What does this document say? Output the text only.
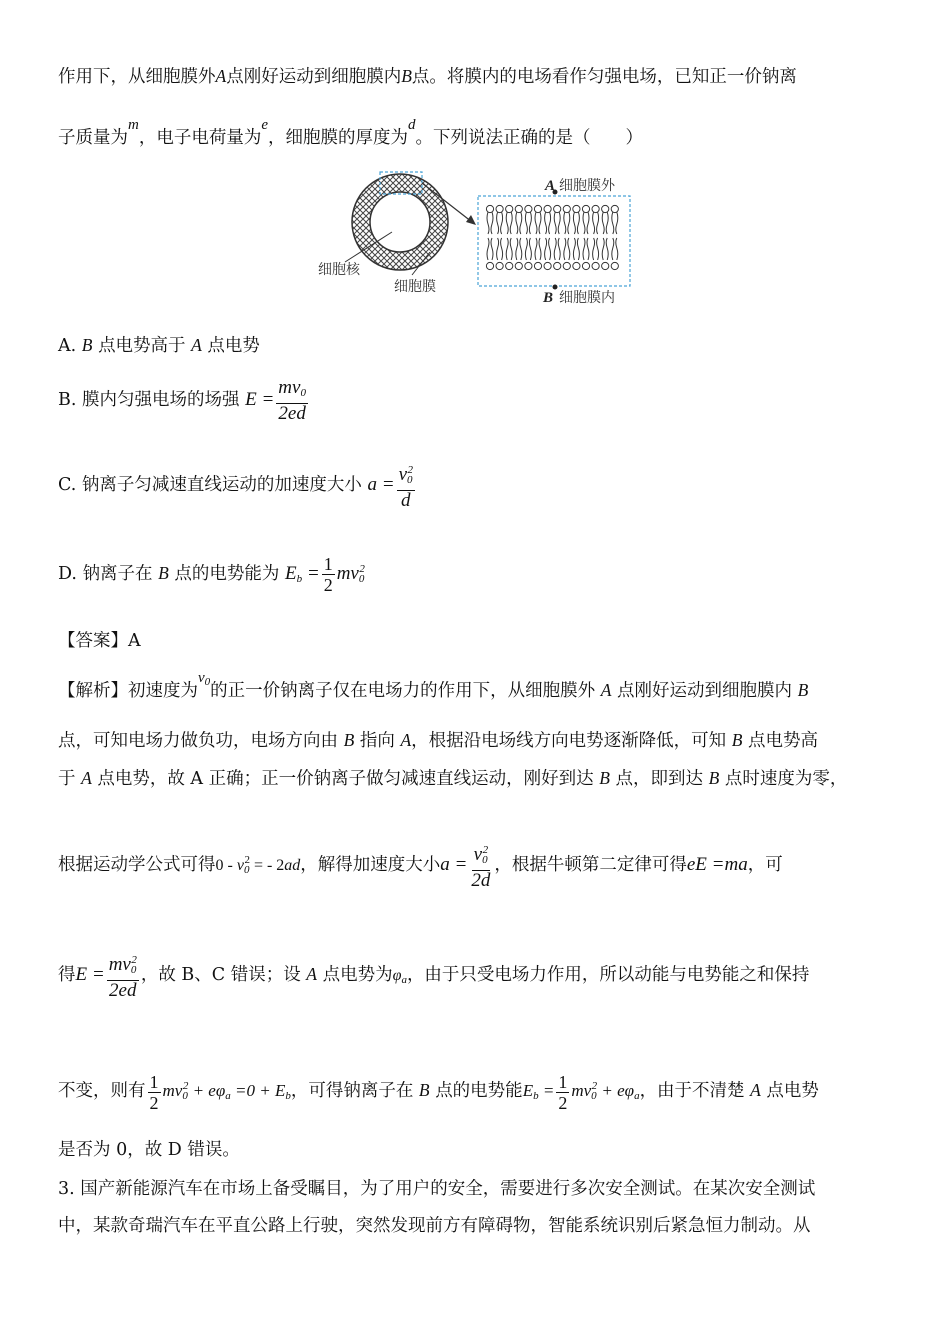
作用下，从细胞膜外A点刚好运动到细胞膜内B点。将膜内的电场看作匀强电场，已知正一价钠离
子质量为m，电子电荷量为e，细胞膜的厚度为d。下列说法正确的是（　　）
细胞核
细胞膜
A 细胞膜外
B 细胞膜内
A. B 点电势高于 A 点电势
B. 膜内匀强电场的场强 $E = \frac{mv_0}{2ed}$
C. 钠离子匀减速直线运动的加速度大小 $a = \frac{v_0^2}{d}$
D. 钠离子在 B 点的电势能为 $E_b = \frac{1}{2} mv_0^2$
【答案】A
【解析】初速度为$v_0$的正一价钠离子仅在电场力的作用下，从细胞膜外 A 点刚好运动到细胞膜内 B
点，可知电场力做负功，电场方向由 B 指向 A，根据沿电场线方向电势逐渐降低，可知 B 点电势高
于 A 点电势，故 A 正确；正一价钠离子做匀减速直线运动，刚好到达 B 点，即到达 B 点时速度为零，
根据运动学公式可得$0 - v_0^2$ = - 2ad，解得加速度大小$a = \frac{v_0^2}{2d}$ ，根据牛顿第二定律可得eE =ma，可
得$E = \frac{mv_0^2}{2ed}$ ，故 B、C 错误；设 A 点电势为$\varphi_a$，由于只受电场力作用，所以动能与电势能之和保持
不变，则有 $\frac{1}{2} mv_0^2 + e\varphi_a =0 + E_b$，可得钠离子在 B 点的电势能$E_b = \frac{1}{2} mv_0^2 + e\varphi_a$，由于不清楚 A 点电势
是否为 0，故 D 错误。
3. 国产新能源汽车在市场上备受瞩目，为了用户的安全，需要进行多次安全测试。在某次安全测试
中，某款奇瑞汽车在平直公路上行驶，突然发现前方有障碍物，智能系统识别后紧急恒力制动。从
